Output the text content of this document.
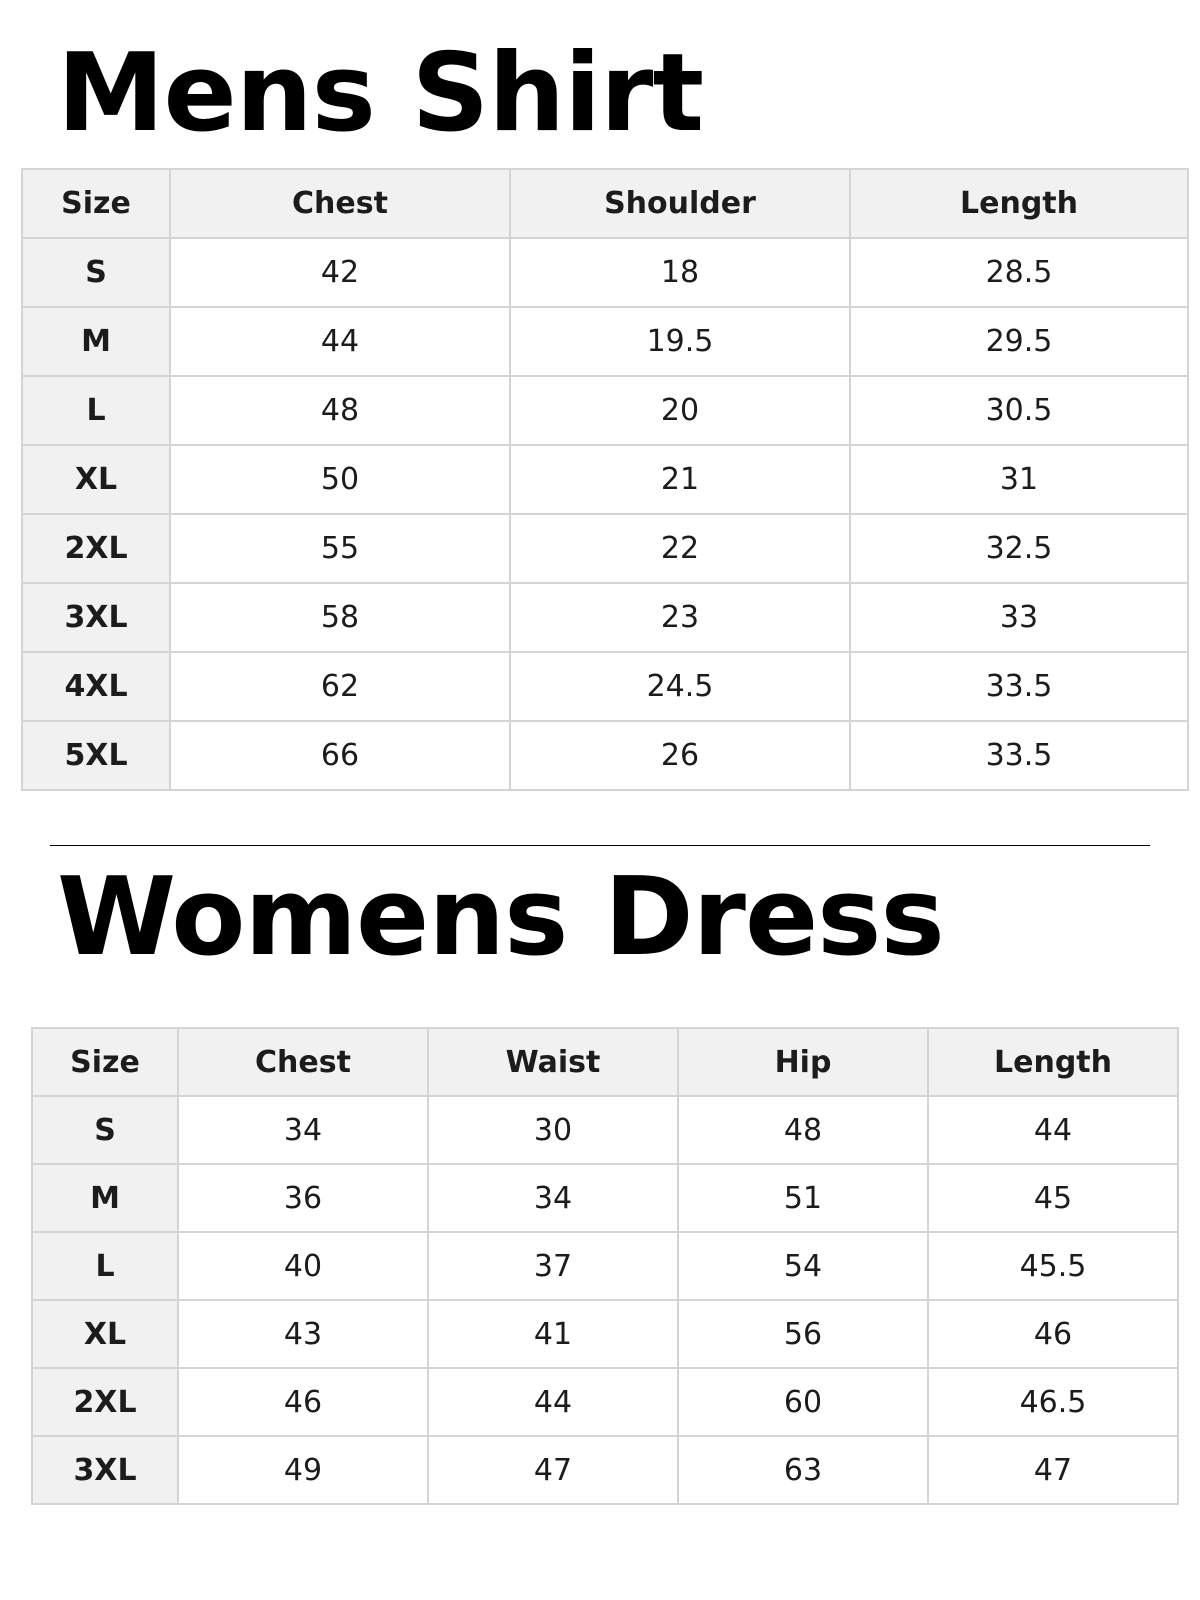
Mens Shirt
Size	Chest	Shoulder	Length
S	42	18	28.5
M	44	19.5	29.5
L	48	20	30.5
XL	50	21	31
2XL	55	22	32.5
3XL	58	23	33
4XL	62	24.5	33.5
5XL	66	26	33.5
Womens Dress
Size	Chest	Waist	Hip	Length
S	34	30	48	44
M	36	34	51	45
L	40	37	54	45.5
XL	43	41	56	46
2XL	46	44	60	46.5
3XL	49	47	63	47
